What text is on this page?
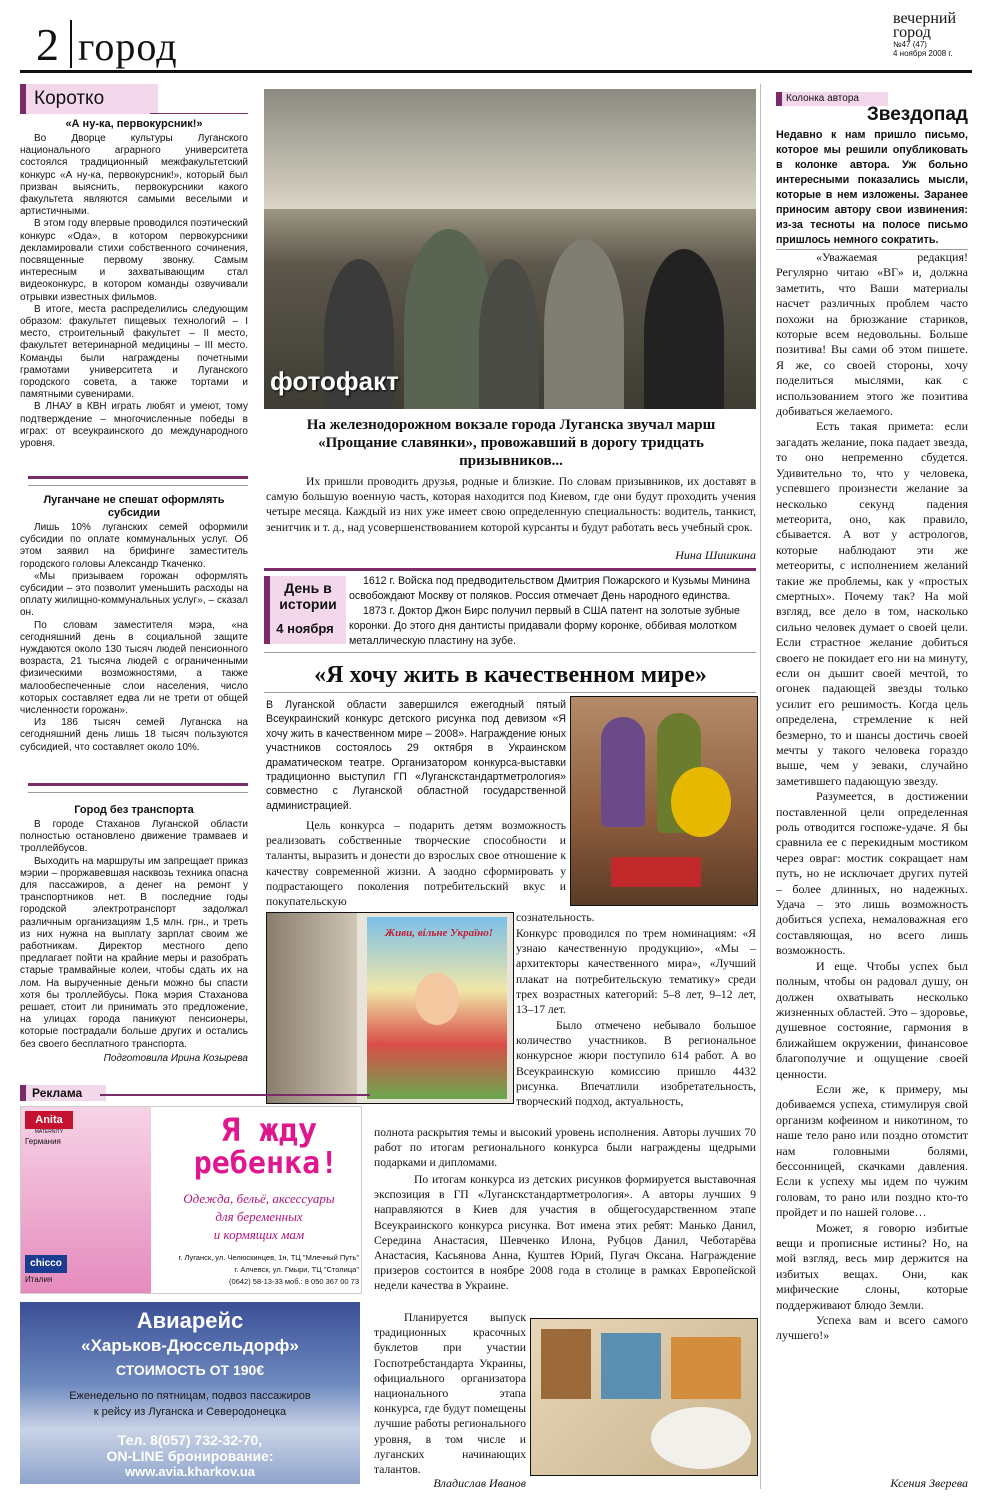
2 город
вечерний
город
№47 (47)
4 ноября 2008 г.
Коротко

«А ну-ка, первокурсник!»

Во Дворце культуры Луганского национального аграрного университета состоялся традиционный межфакультетский конкурс «А ну-ка, первокурсник!», который был призван выяснить, первокурсники какого факультета являются самыми веселыми и артистичными.

В этом году впервые проводился поэтический конкурс «Ода», в котором первокурсники декламировали стихи собственного сочинения, посвященные первому звонку. Самым интересным и захватывающим стал видеоконкурс, в котором команды озвучивали отрывки известных фильмов.

В итоге, места распределились следующим образом: факультет пищевых технологий – I место, строительный факультет – II место, факультет ветеринарной медицины – III место. Команды были награждены почетными грамотами университета и Луганского городского совета, а также тортами и памятными сувенирами.

В ЛНАУ в КВН играть любят и умеют, тому подтверждение – многочисленные победы в играх: от всеукраинского до международного уровня.

Луганчане не спешат оформлять субсидии

Лишь 10% луганских семей оформили субсидии по оплате коммунальных услуг. Об этом заявил на брифинге заместитель городского головы Александр Ткаченко.

«Мы призываем горожан оформлять субсидии – это позволит уменьшить расходы на оплату жилищно-коммунальных услуг», – сказал он.

По словам заместителя мэра, «на сегодняшний день в социальной защите нуждаются около 130 тысяч людей пенсионного возраста, 21 тысяча людей с ограниченными физическими возможностями, а также малообеспеченные слои населения, число которых составляет едва ли не трети от общей численности горожан».

Из 186 тысяч семей Луганска на сегодняшний день лишь 18 тысяч пользуются субсидией, что составляет около 10%.

Город без транспорта

В городе Стаханов Луганской области полностью остановлено движение трамваев и троллейбусов.

Выходить на маршруты им запрещает приказ мэрии – проржавевшая насквозь техника опасна для пассажиров, а денег на ремонт у транспортников нет. В последние годы городской электротранспорт задолжал различным организациям 1,5 млн. грн., и треть из них нужна на выплату зарплат своим же работникам. Директор местного депо предлагает пойти на крайние меры и разобрать старые трамвайные колеи, чтобы сдать их на лом. На вырученные деньги можно бы спасти хотя бы троллейбусы. Пока мэрия Стаханова решает, стоит ли принимать это предложение, на улицах города паникуют пенсионеры, которые пострадали больше других и остались без своего бесплатного транспорта.

Подготовила Ирина Козырева

фотофакт
На железнодорожном вокзале города Луганска звучал марш «Прощание славянки», провожавший в дорогу тридцать призывников...
Их пришли проводить друзья, родные и близкие. По словам призывников, их доставят в самую большую военную часть, которая находится под Киевом, где они будут проходить учения четыре месяца. Каждый из них уже имеет свою определенную специальность: водитель, танкист, зенитчик и т. д., над усовершенствованием которой курсанты и будут работать весь учебный срок.
Нина Шишкина
День в истории
4 ноября

1612 г. Войска под предводительством Дмитрия Пожарского и Кузьмы Минина освобождают Москву от поляков. Россия отмечает День народного единства.

1873 г. Доктор Джон Бирс получил первый в США патент на золотые зубные коронки. До этого дня дантисты придавали форму коронке, оббивая молотком металлическую пластину на зубе.

«Я хочу жить в качественном мире»
В Луганской области завершился ежегодный пятый Всеукраинский конкурс детского рисунка под девизом «Я хочу жить в качественном мире – 2008». Награждение юных участников состоялось 29 октября в Украинском драматическом театре. Организатором конкурса-выставки традиционно выступил ГП «Луганскстандартметрология» совместно с Луганской областной государственной администрацией.
Цель конкурса – подарить детям возможность реализовать собственные творческие способности и таланты, выразить и донести до взрослых свое отношение к качеству современной жизни. А заодно сформировать у подрастающего поколения потребительский вкус и покупательскую
Живи, вільне Україно!
сознательность.
Конкурс проводился по трем номинациям: «Я узнаю качественную продукцию», «Мы – архитекторы качественного мира», «Лучший плакат на потребительскую тематику» среди трех возрастных категорий: 5–8 лет, 9–12 лет, 13–17 лет.
Было отмечено небывало большое количество участников. В региональное конкурсное жюри поступило 614 работ. А во Всеукраинскую комиссию пришло 4432 рисунка. Впечатлили изобретательность, творческий подход, актуальность,
полнота раскрытия темы и высокий уровень исполнения. Авторы лучших 70 работ по итогам регионального конкурса были награждены щедрыми подарками и дипломами.
По итогам конкурса из детских рисунков формируется выставочная экспозиция в ГП «Луганскстандартметрология». А авторы лучших 9 направляются в Киев для участия в общегосударственном этапе Всеукраинского конкурса рисунка. Вот имена этих ребят: Манько Данил, Середина Анастасия, Шевченко Илона, Рубцов Данил, Чеботарёва Анастасия, Касьянова Анна, Куштев Юрий, Пугач Оксана. Награждение призеров состоится в ноябре 2008 года в столице в рамках Европейской недели качества в Украине.
Планируется выпуск традиционных красочных буклетов при участии Госпотребстандарта Украины, официального организатора национального этапа конкурса, где будут помещены лучшие работы регионального уровня, в том числе и луганских начинающих талантов.
Владислав Иванов
Колонка автора
Звездопад
Недавно к нам пришло письмо, которое мы решили опубликовать в колонке автора. Уж больно интересными показались мысли, которые в нем изложены. Заранее приносим автору свои извинения: из-за тесноты на полосе письмо пришлось немного сократить.

«Уважаемая редакция! Регулярно читаю «ВГ» и, должна заметить, что Ваши материалы насчет различных проблем часто похожи на брюзжание стариков, которые всем недовольны. Больше позитива! Вы сами об этом пишете. Я же, со своей стороны, хочу поделиться мыслями, как с использованием этого же позитива добиваться желаемого.

Есть такая примета: если загадать желание, пока падает звезда, то оно непременно сбудется. Удивительно то, что у человека, успевшего произнести желание за несколько секунд падения метеорита, оно, как правило, сбывается. А вот у астрологов, которые наблюдают эти же метеориты, с исполнением желаний такие же проблемы, как у «простых смертных». Почему так? На мой взгляд, все дело в том, насколько сильно человек думает о своей цели. Если страстное желание добиться своего не покидает его ни на минуту, если он дышит своей мечтой, то огонек падающей звезды только усилит его решимость. Когда цель определена, стремление к ней безмерно, то и шансы достичь своей мечты у такого человека гораздо выше, чем у зеваки, случайно заметившего падающую звезду.

Разумеется, в достижении поставленной цели определенная роль отводится госпоже-удаче. Я бы сравнила ее с перекидным мостиком через овраг: мостик сокращает нам путь, но не исключает других путей – более длинных, но надежных. Удача – это лишь возможность добиться успеха, немаловажная его составляющая, но всего лишь возможность.

И еще. Чтобы успех был полным, чтобы он радовал душу, он должен охватывать несколько жизненных областей. Это – здоровье, душевное состояние, гармония в ближайшем окружении, финансовое благополучие и ощущение своей ценности.

Если же, к примеру, мы добиваемся успеха, стимулируя свой организм кофеином и никотином, то наше тело рано или поздно отомстит нам головными болями, бессонницей, скачками давления. Если к успеху мы идем по чужим головам, то рано или поздно кто-то пройдет и по нашей голове…

Может, я говорю избитые вещи и прописные истины? Но, на мой взгляд, весь мир держится на избитых вещах. Они, как мифические слоны, которые поддерживают блюдо Земли.

Успеха вам и всего самого лучшего!»

Ксения Зверева
Реклама
Anita
MATERNITY
Германия
chicco
Италия
Я жду
ребенка!
Одежда, бельё, аксессуары
для беременных
и кормящих мам
г. Луганск, ул. Челюскинцев, 1н, ТЦ "Млечный Путь"
г. Алчевск, ул. Гмыри, ТЦ "Столица"
(0642) 58-13-33 моб.: 8 050 367 00 73
Авиарейс
«Харьков-Дюссельдорф»
СТОИМОСТЬ ОТ 190€
Еженедельно по пятницам, подвоз пассажиров
к рейсу из Луганска и Северодонецка
Тел. 8(057) 732-32-70,
ON-LINE бронирование:
www.avia.kharkov.ua
